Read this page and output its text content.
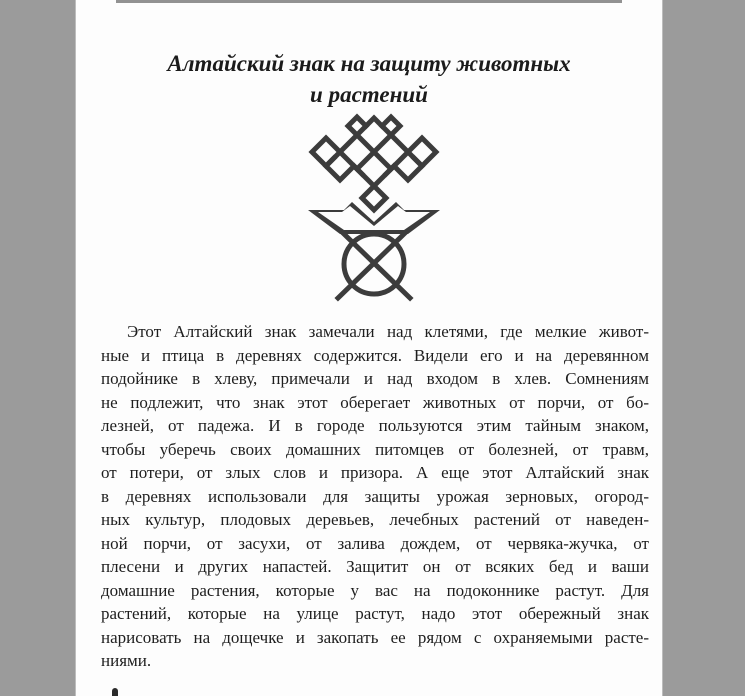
Алтайский знак на защиту животных
и растений

Этот Алтайский знак замечали над клетями, где мелкие живот-
ные и птица в деревнях содержится. Видели его и на деревянном
подойнике в хлеву, примечали и над входом в хлев. Сомнениям
не подлежит, что знак этот оберегает животных от порчи, от бо-
лезней, от падежа. И в городе пользуются этим тайным знаком,
чтобы уберечь своих домашних питомцев от болезней, от травм,
от потери, от злых слов и призора. А еще этот Алтайский знак
в деревнях использовали для защиты урожая зерновых, огород-
ных культур, плодовых деревьев, лечебных растений от наведен-
ной порчи, от засухи, от залива дождем, от червяка-жучка, от
плесени и других напастей. Защитит он от всяких бед и ваши
домашние растения, которые у вас на подоконнике растут. Для
растений, которые на улице растут, надо этот обережный знак
нарисовать на дощечке и закопать ее рядом с охраняемыми расте-
ниями.
